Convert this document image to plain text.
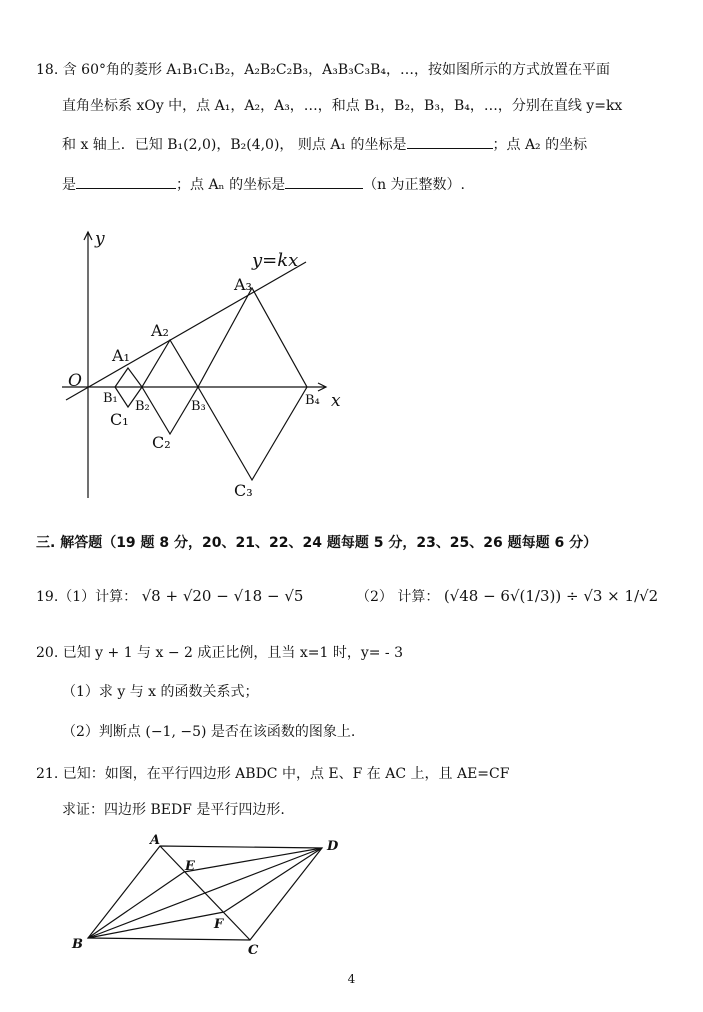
18. 含 60°角的菱形 A₁B₁C₁B₂，A₂B₂C₂B₃，A₃B₃C₃B₄，…，按如图所示的方式放置在平面
直角坐标系 xOy 中，点 A₁，A₂，A₃，…，和点 B₁，B₂，B₃，B₄，…，分别在直线 y=kx
和 x 轴上．已知 B₁(2,0)，B₂(4,0)， 则点 A₁ 的坐标是	；点 A₂ 的坐标
是	；点 Aₙ 的坐标是	（n 为正整数）.
y
x
O
y=kx
A₁
A₂
A₃
B₁
B₂	B₃	B₄
C₁
C₂
C₃
三. 解答题（19 题 8 分，20、21、22、24 题每题 5 分，23、25、26 题每题 6 分）
19.（1）计算： √8 + √20 − √18 − √5	（2） 计算： (√48 − 6√(1/3)) ÷ √3 × 1/√2
20. 已知 y + 1 与 x − 2 成正比例，且当 x=1 时，y= - 3
（1）求 y 与 x 的函数关系式；
（2）判断点 (−1, −5) 是否在该函数的图象上.
21. 已知：如图，在平行四边形 ABDC 中，点 E、F 在 AC 上，且 AE=CF
求证：四边形 BEDF 是平行四边形.
A
B	C
D
E
F
4
